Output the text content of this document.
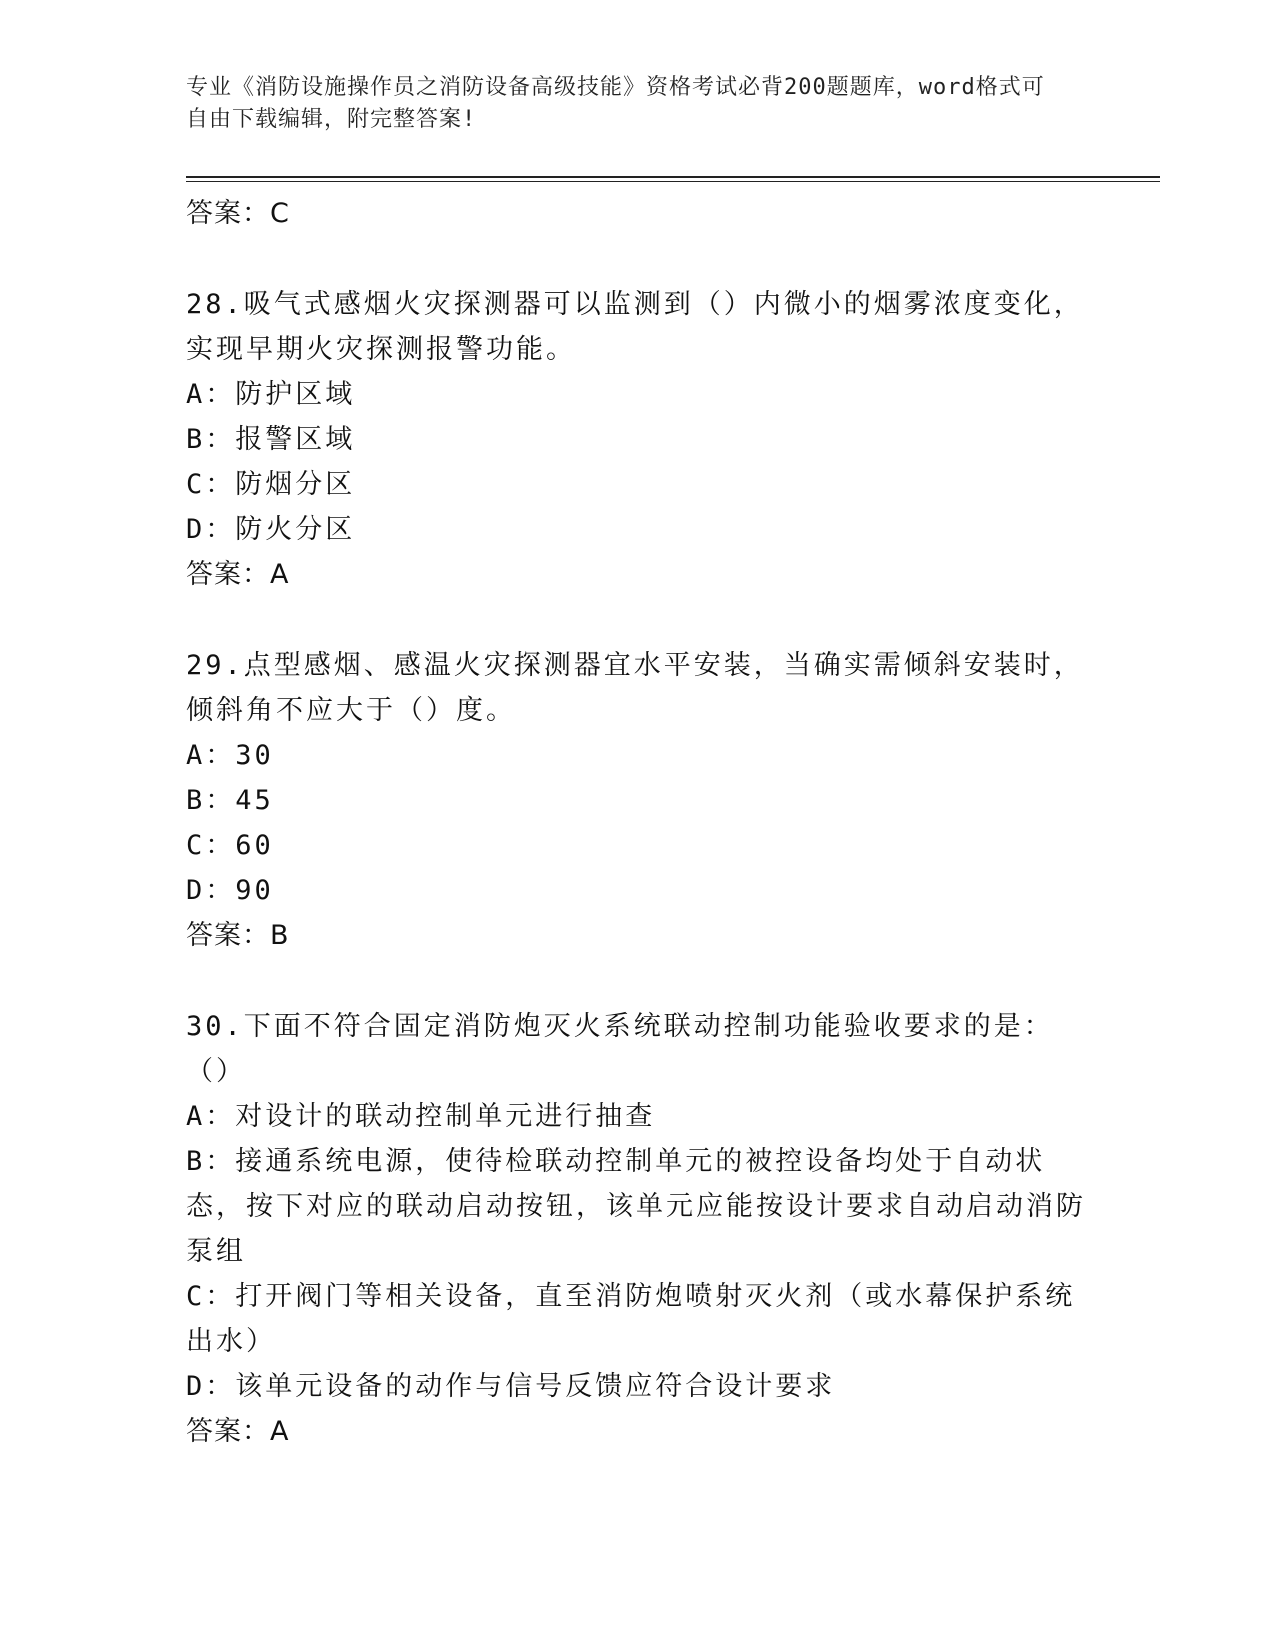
专业《消防设施操作员之消防设备高级技能》资格考试必背200题题库，word格式可自由下载编辑，附完整答案!

答案：C

28.吸气式感烟火灾探测器可以监测到（）内微小的烟雾浓度变化，实现早期火灾探测报警功能。

A：防护区域

B：报警区域

C：防烟分区

D：防火分区

答案：A

29.点型感烟、感温火灾探测器宜水平安装，当确实需倾斜安装时，倾斜角不应大于（）度。

A：30

B：45

C：60

D：90

答案：B

30.下面不符合固定消防炮灭火系统联动控制功能验收要求的是：（）

A：对设计的联动控制单元进行抽查

B：接通系统电源，使待检联动控制单元的被控设备均处于自动状态，按下对应的联动启动按钮，该单元应能按设计要求自动启动消防泵组

C：打开阀门等相关设备，直至消防炮喷射灭火剂（或水幕保护系统出水）

D：该单元设备的动作与信号反馈应符合设计要求

答案：A
